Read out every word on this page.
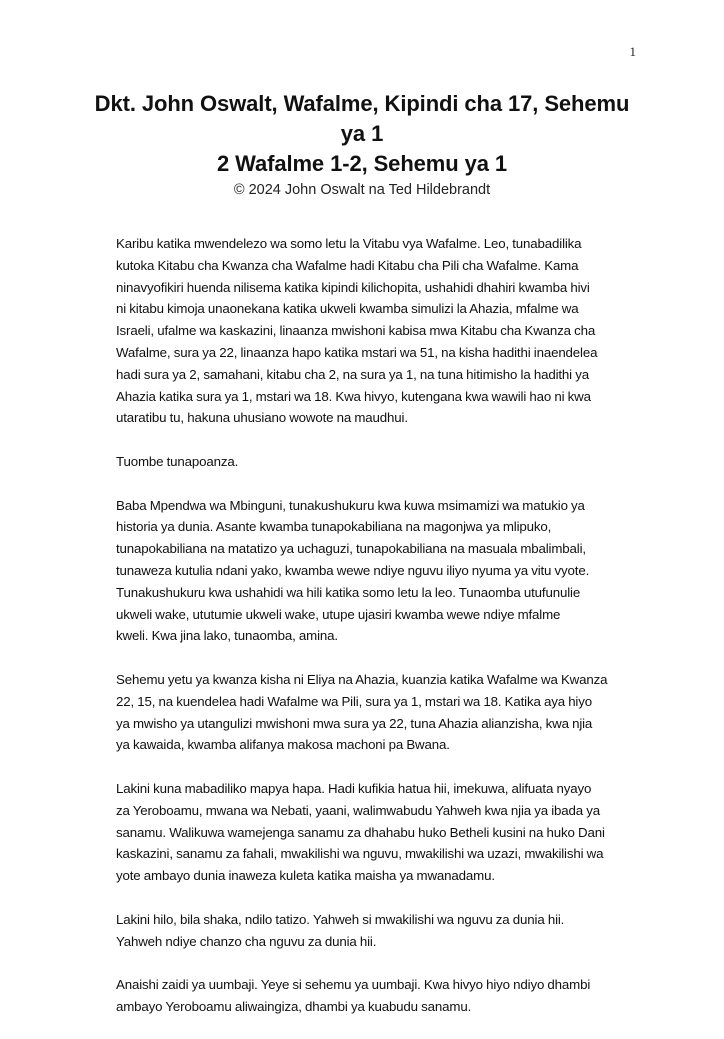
1
Dkt. John Oswalt, Wafalme, Kipindi cha 17, Sehemu
ya 1
2 Wafalme 1-2, Sehemu ya 1
© 2024 John Oswalt na Ted Hildebrandt

Karibu katika mwendelezo wa somo letu la Vitabu vya Wafalme. Leo, tunabadilika
kutoka Kitabu cha Kwanza cha Wafalme hadi Kitabu cha Pili cha Wafalme. Kama
ninavyofikiri huenda nilisema katika kipindi kilichopita, ushahidi dhahiri kwamba hivi
ni kitabu kimoja unaonekana katika ukweli kwamba simulizi la Ahazia, mfalme wa
Israeli, ufalme wa kaskazini, linaanza mwishoni kabisa mwa Kitabu cha Kwanza cha
Wafalme, sura ya 22, linaanza hapo katika mstari wa 51, na kisha hadithi inaendelea
hadi sura ya 2, samahani, kitabu cha 2, na sura ya 1, na tuna hitimisho la hadithi ya
Ahazia katika sura ya 1, mstari wa 18. Kwa hivyo, kutengana kwa wawili hao ni kwa
utaratibu tu, hakuna uhusiano wowote na maudhui.

Tuombe tunapoanza.

Baba Mpendwa wa Mbinguni, tunakushukuru kwa kuwa msimamizi wa matukio ya
historia ya dunia. Asante kwamba tunapokabiliana na magonjwa ya mlipuko,
tunapokabiliana na matatizo ya uchaguzi, tunapokabiliana na masuala mbalimbali,
tunaweza kutulia ndani yako, kwamba wewe ndiye nguvu iliyo nyuma ya vitu vyote.
Tunakushukuru kwa ushahidi wa hili katika somo letu la leo. Tunaomba utufunulie
ukweli wake, ututumie ukweli wake, utupe ujasiri kwamba wewe ndiye mfalme
kweli. Kwa jina lako, tunaomba, amina.

Sehemu yetu ya kwanza kisha ni Eliya na Ahazia, kuanzia katika Wafalme wa Kwanza
22, 15, na kuendelea hadi Wafalme wa Pili, sura ya 1, mstari wa 18. Katika aya hiyo
ya mwisho ya utangulizi mwishoni mwa sura ya 22, tuna Ahazia alianzisha, kwa njia
ya kawaida, kwamba alifanya makosa machoni pa Bwana.

Lakini kuna mabadiliko mapya hapa. Hadi kufikia hatua hii, imekuwa, alifuata nyayo
za Yeroboamu, mwana wa Nebati, yaani, walimwabudu Yahweh kwa njia ya ibada ya
sanamu. Walikuwa wamejenga sanamu za dhahabu huko Betheli kusini na huko Dani
kaskazini, sanamu za fahali, mwakilishi wa nguvu, mwakilishi wa uzazi, mwakilishi wa
yote ambayo dunia inaweza kuleta katika maisha ya mwanadamu.

Lakini hilo, bila shaka, ndilo tatizo. Yahweh si mwakilishi wa nguvu za dunia hii.
Yahweh ndiye chanzo cha nguvu za dunia hii.

Anaishi zaidi ya uumbaji. Yeye si sehemu ya uumbaji. Kwa hivyo hiyo ndiyo dhambi
ambayo Yeroboamu aliwaingiza, dhambi ya kuabudu sanamu.
